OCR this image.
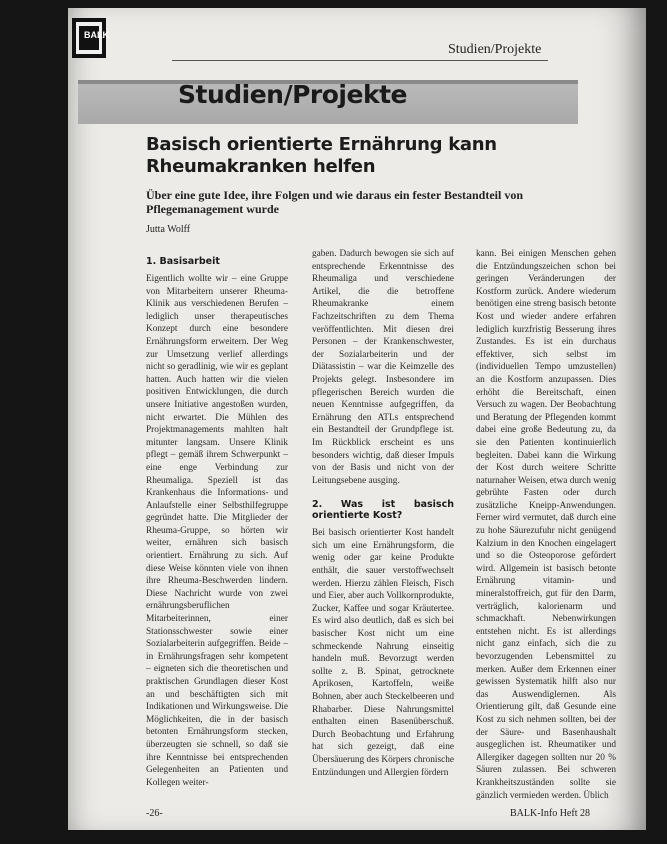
BALK
Studien/Projekte
Studien/Projekte
Basisch orientierte Ernährung kann Rheumakranken helfen
Über eine gute Idee, ihre Folgen und wie daraus ein fester Bestandteil von Pflegemanagement wurde
Jutta Wolff
1. Basisarbeit

Eigentlich wollte wir – eine Gruppe von Mitarbeitern unserer Rheuma-Klinik aus verschiedenen Berufen – lediglich unser therapeutisches Konzept durch eine besondere Ernährungsform erweitern. Der Weg zur Umsetzung verlief allerdings nicht so geradlinig, wie wir es geplant hatten. Auch hatten wir die vielen positiven Entwicklungen, die durch unsere Initiative angestoßen wurden, nicht erwartet. Die Mühlen des Projektmanagements mahlten halt mitunter langsam. Unsere Klinik pflegt – gemäß ihrem Schwerpunkt – eine enge Verbindung zur Rheumaliga. Speziell ist das Krankenhaus die Informations- und Anlaufstelle einer Selbsthilfegruppe gegründet hatte. Die Mitglieder der Rheuma-Gruppe, so hörten wir weiter, ernähren sich basisch orientiert. Ernährung zu sich. Auf diese Weise könnten viele von ihnen ihre Rheuma-Beschwerden lindern. Diese Nachricht wurde von zwei ernährungsberuflichen Mitarbeiterinnen, einer Stationsschwester sowie einer Sozialarbeiterin aufgegriffen. Beide – in Ernährungsfragen sehr kompetent – eigneten sich die theoretischen und praktischen Grundlagen dieser Kost an und beschäftigten sich mit Indikationen und Wirkungsweise. Die Möglichkeiten, die in der basisch betonten Ernährungsform stecken, überzeugten sie schnell, so daß sie ihre Kenntnisse bei entsprechenden Gelegenheiten an Patienten und Kollegen weiter-

gaben. Dadurch bewogen sie sich auf entsprechende Erkenntnisse des Rheumaliga und verschiedene Artikel, die die betroffene Rheumakranke einem Fachzeitschriften zu dem Thema veröffentlichten. Mit diesen drei Personen – der Krankenschwester, der Sozialarbeiterin und der Diätassistin – war die Keimzelle des Projekts gelegt. Insbesondere im pflegerischen Bereich wurden die neuen Kenntnisse aufgegriffen, da Ernährung den ATLs entsprechend ein Bestandteil der Grundpflege ist. Im Rückblick erscheint es uns besonders wichtig, daß dieser Impuls von der Basis und nicht von der Leitungsebene ausging.

2. Was ist basisch orientierte Kost?

Bei basisch orientierter Kost handelt sich um eine Ernährungsform, die wenig oder gar keine Produkte enthält, die sauer verstoffwechselt werden. Hierzu zählen Fleisch, Fisch und Eier, aber auch Vollkornprodukte, Zucker, Kaffee und sogar Kräutertee. Es wird also deutlich, daß es sich bei basischer Kost nicht um eine schmeckende Nahrung einseitig handeln muß. Bevorzugt werden sollte z. B. Spinat, getrocknete Aprikosen, Kartoffeln, weiße Bohnen, aber auch Steckelbeeren und Rhabarber. Diese Nahrungsmittel enthalten einen Basenüberschuß. Durch Beobachtung und Erfahrung hat sich gezeigt, daß eine Übersäuerung des Körpers chronische Entzündungen und Allergien fördern

kann. Bei einigen Menschen gehen die Entzündungszeichen schon bei geringen Veränderungen der Kostform zurück. Andere wiederum benötigen eine streng basisch betonte Kost und wieder andere erfahren lediglich kurzfristig Besserung ihres Zustandes. Es ist ein durchaus effektiver, sich selbst im (individuellen Tempo umzustellen) an die Kostform anzupassen. Dies erhöht die Bereitschaft, einen Versuch zu wagen. Der Beobachtung und Beratung der Pflegenden kommt dabei eine große Bedeutung zu, da sie den Patienten kontinuierlich begleiten. Dabei kann die Wirkung der Kost durch weitere Schritte naturnaher Weisen, etwa durch wenig gebrühte Fasten oder durch zusätzliche Kneipp-Anwendungen. Ferner wird vermutet, daß durch eine zu hohe Säurezufuhr nicht genügend Kalzium in den Knochen eingelagert und so die Osteoporose gefördert wird. Allgemein ist basisch betonte Ernährung vitamin- und mineralstoffreich, gut für den Darm, verträglich, kalorienarm und schmackhaft. Nebenwirkungen entstehen nicht. Es ist allerdings nicht ganz einfach, sich die zu bevorzugenden Lebensmittel zu merken. Außer dem Erkennen einer gewissen Systematik hilft also nur das Auswendiglernen. Als Orientierung gilt, daß Gesunde eine Kost zu sich nehmen sollten, bei der der Säure- und Basenhaushalt ausgeglichen ist. Rheumatiker und Allergiker dagegen sollten nur 20 % Säuren zulassen. Bei schweren Krankheitszuständen sollte sie gänzlich vermieden werden. Üblich

-26-	BALK-Info Heft 28
